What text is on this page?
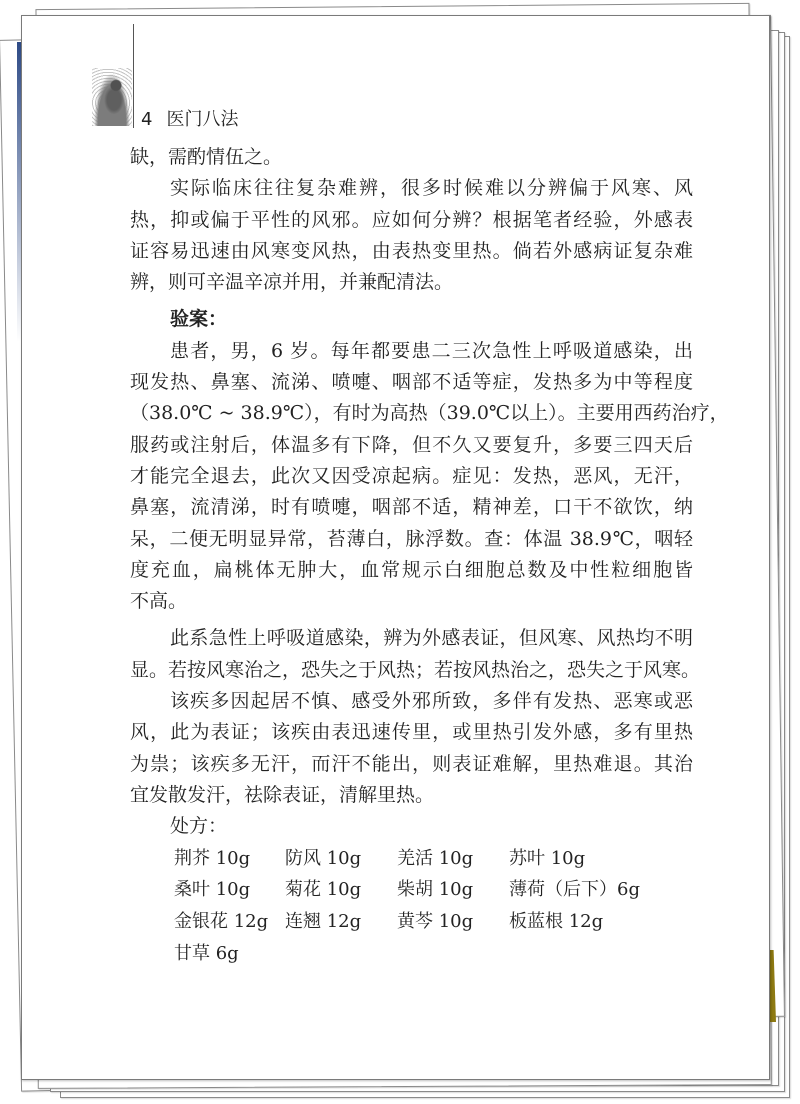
4 医门八法
缺，需酌情伍之。
实际临床往往复杂难辨，很多时候难以分辨偏于风寒、风
热，抑或偏于平性的风邪。应如何分辨？根据笔者经验，外感表
证容易迅速由风寒变风热，由表热变里热。倘若外感病证复杂难
辨，则可辛温辛凉并用，并兼配清法。
验案：
患者，男，6 岁。每年都要患二三次急性上呼吸道感染，出
现发热、鼻塞、流涕、喷嚏、咽部不适等症，发热多为中等程度
（38.0℃ ~ 38.9℃），有时为高热（39.0℃以上）。主要用西药治疗，
服药或注射后，体温多有下降，但不久又要复升，多要三四天后
才能完全退去，此次又因受凉起病。症见：发热，恶风，无汗，
鼻塞，流清涕，时有喷嚏，咽部不适，精神差，口干不欲饮，纳
呆，二便无明显异常，苔薄白，脉浮数。查：体温 38.9℃，咽轻
度充血，扁桃体无肿大，血常规示白细胞总数及中性粒细胞皆
不高。
此系急性上呼吸道感染，辨为外感表证，但风寒、风热均不明
显。若按风寒治之，恐失之于风热；若按风热治之，恐失之于风寒。
该疾多因起居不慎、感受外邪所致，多伴有发热、恶寒或恶
风，此为表证；该疾由表迅速传里，或里热引发外感，多有里热
为祟；该疾多无汗，而汗不能出，则表证难解，里热难退。其治
宜发散发汗，祛除表证，清解里热。
处方：
荆芥 10g	防风 10g	羌活 10g	苏叶 10g
桑叶 10g	菊花 10g	柴胡 10g	薄荷（后下）6g
金银花 12g 连翘 12g	黄芩 10g	板蓝根 12g
甘草 6g
